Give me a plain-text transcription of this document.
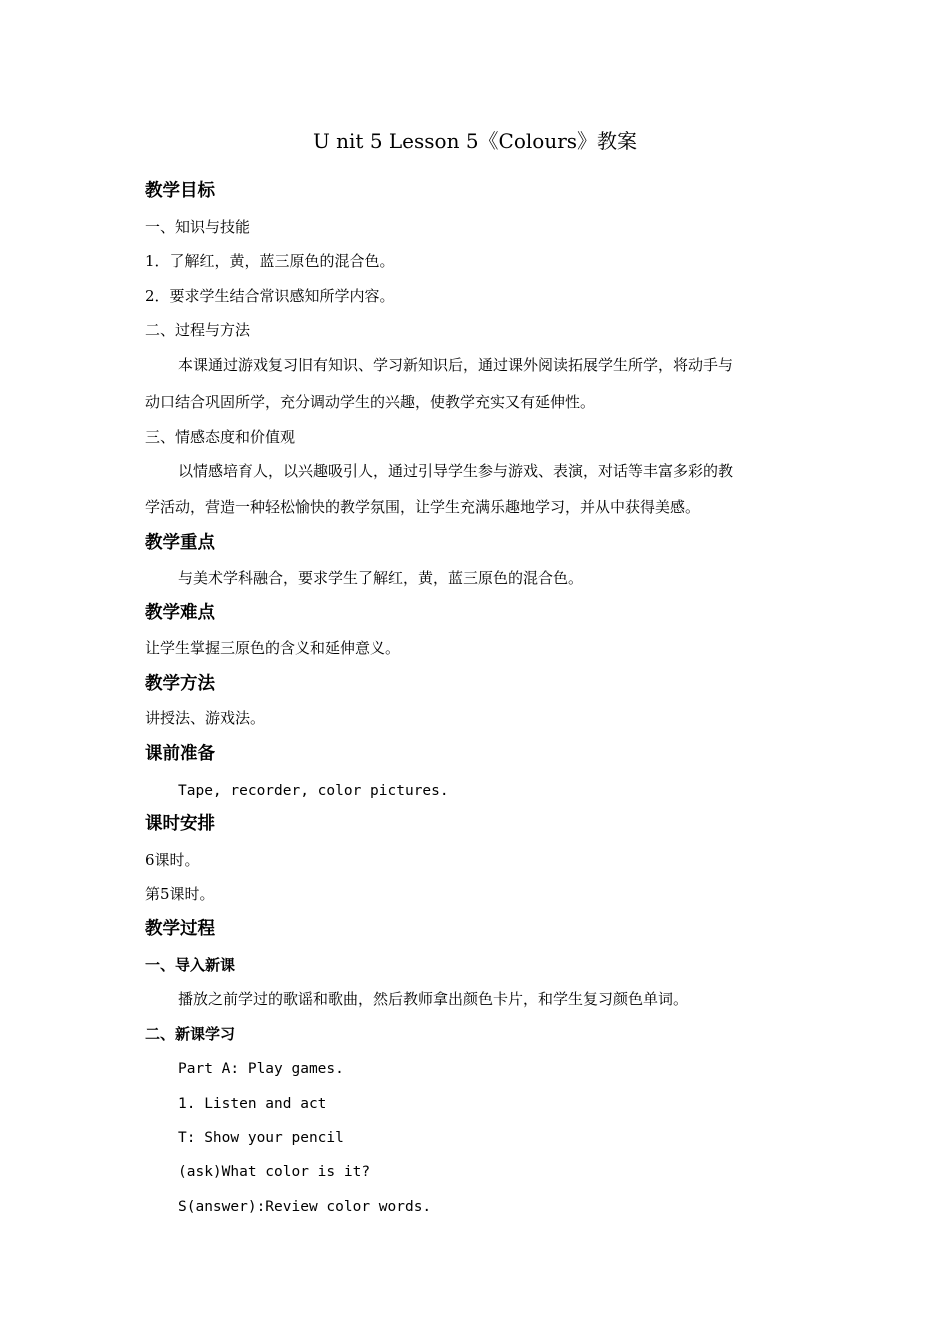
U nit 5 Lesson 5《Colours》教案
教学目标
一、知识与技能
1．了解红，黄，蓝三原色的混合色。
2．要求学生结合常识感知所学内容。
二、过程与方法
本课通过游戏复习旧有知识、学习新知识后，通过课外阅读拓展学生所学，将动手与
动口结合巩固所学，充分调动学生的兴趣，使教学充实又有延伸性。
三、情感态度和价值观
以情感培育人，以兴趣吸引人，通过引导学生参与游戏、表演，对话等丰富多彩的教
学活动，营造一种轻松愉快的教学氛围，让学生充满乐趣地学习，并从中获得美感。
教学重点
与美术学科融合，要求学生了解红，黄，蓝三原色的混合色。
教学难点
让学生掌握三原色的含义和延伸意义。
教学方法
讲授法、游戏法。
课前准备
Tape, recorder, color pictures.
课时安排
6课时。
第5课时。
教学过程
一、导入新课
播放之前学过的歌谣和歌曲，然后教师拿出颜色卡片，和学生复习颜色单词。
二、新课学习
Part A: Play games.
1. Listen and act
T: Show your pencil
(ask)What color is it?
S(answer):Review color words.
